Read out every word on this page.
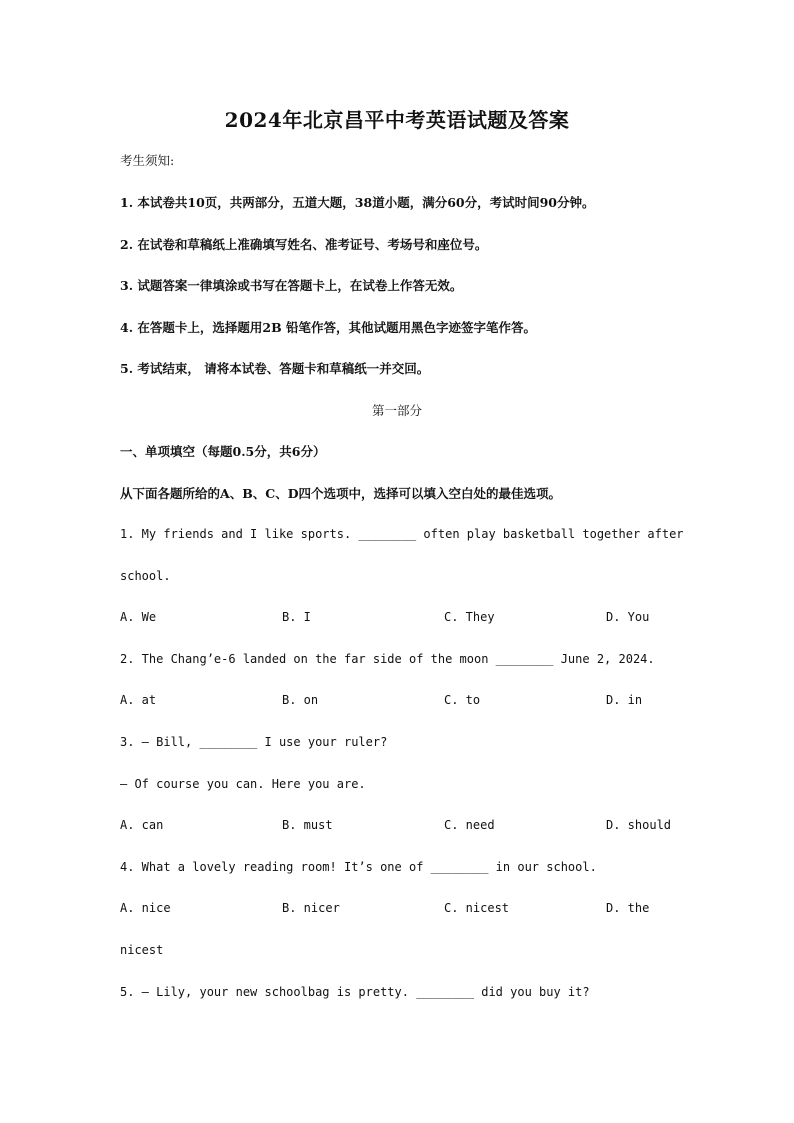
2024年北京昌平中考英语试题及答案
考生须知:
1. 本试卷共10页，共两部分，五道大题，38道小题，满分60分，考试时间90分钟。
2. 在试卷和草稿纸上准确填写姓名、准考证号、考场号和座位号。
3. 试题答案一律填涂或书写在答题卡上，在试卷上作答无效。
4. 在答题卡上，选择题用2B 铅笔作答，其他试题用黑色字迹签字笔作答。
5. 考试结束， 请将本试卷、答题卡和草稿纸一并交回。
第一部分
一、单项填空（每题0.5分，共6分）
从下面各题所给的A、B、C、D四个选项中，选择可以填入空白处的最佳选项。
1. My friends and I like sports. ________ often play basketball together after
school.
A. We	B. I	C. They	D. You
2. The Chang’e-6 landed on the far side of the moon ________ June 2, 2024.
A. at	B. on	C. to	D. in
3. — Bill, ________ I use your ruler?
— Of course you can. Here you are.
A. can	B. must	C. need	D. should
4. What a lovely reading room! It’s one of ________ in our school.
A. nice	B. nicer	C. nicest	D. the
nicest
5. — Lily, your new schoolbag is pretty. ________ did you buy it?
